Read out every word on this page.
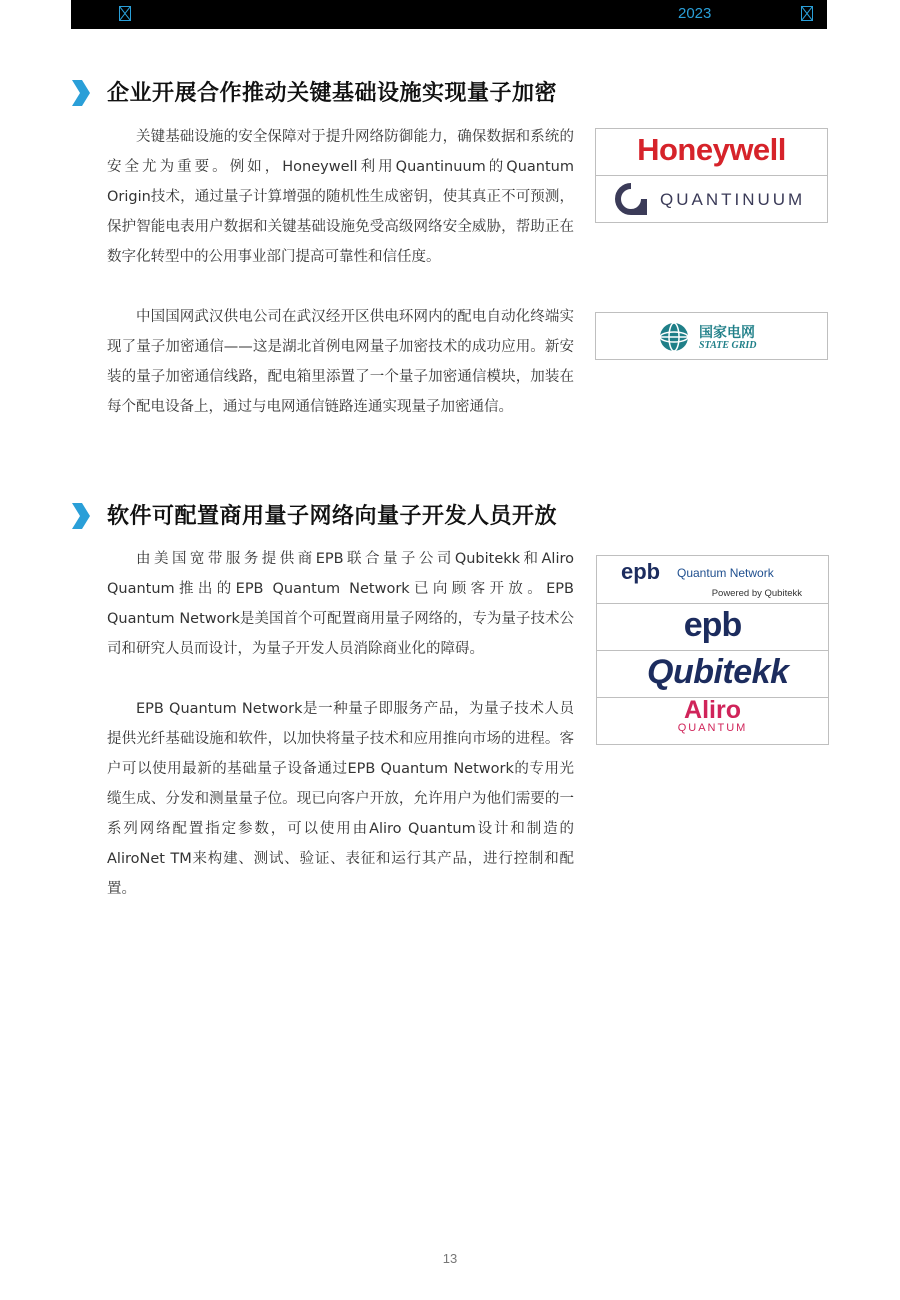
2023
企业开展合作推动关键基础设施实现量子加密

关键基础设施的安全保障对于提升网络防御能力，确保数据和系统的安全尤为重要。例如，Honeywell利用Quantinuum的Quantum Origin技术，通过量子计算增强的随机性生成密钥，使其真正不可预测，保护智能电表用户数据和关键基础设施免受高级网络安全威胁，帮助正在数字化转型中的公用事业部门提高可靠性和信任度。

中国国网武汉供电公司在武汉经开区供电环网内的配电自动化终端实现了量子加密通信——这是湖北首例电网量子加密技术的成功应用。新安装的量子加密通信线路，配电箱里添置了一个量子加密通信模块，加装在每个配电设备上，通过与电网通信链路连通实现量子加密通信。

Honeywell
QUANTINUUM
国家电网
STATE GRID
软件可配置商用量子网络向量子开发人员开放

由美国宽带服务提供商EPB联合量子公司Qubitekk和Aliro Quantum推出的EPB Quantum Network已向顾客开放。EPB Quantum Network是美国首个可配置商用量子网络的，专为量子技术公司和研究人员而设计，为量子开发人员消除商业化的障碍。

EPB Quantum Network是一种量子即服务产品，为量子技术人员提供光纤基础设施和软件，以加快将量子技术和应用推向市场的进程。客户可以使用最新的基础量子设备通过EPB Quantum Network的专用光缆生成、分发和测量量子位。现已向客户开放，允许用户为他们需要的一系列网络配置指定参数，可以使用由Aliro Quantum设计和制造的AliroNet TM来构建、测试、验证、表征和运行其产品，进行控制和配置。

epb Quantum Network
Powered by Qubitekk
epb
Qubitekk
Aliro
QUANTUM
13
